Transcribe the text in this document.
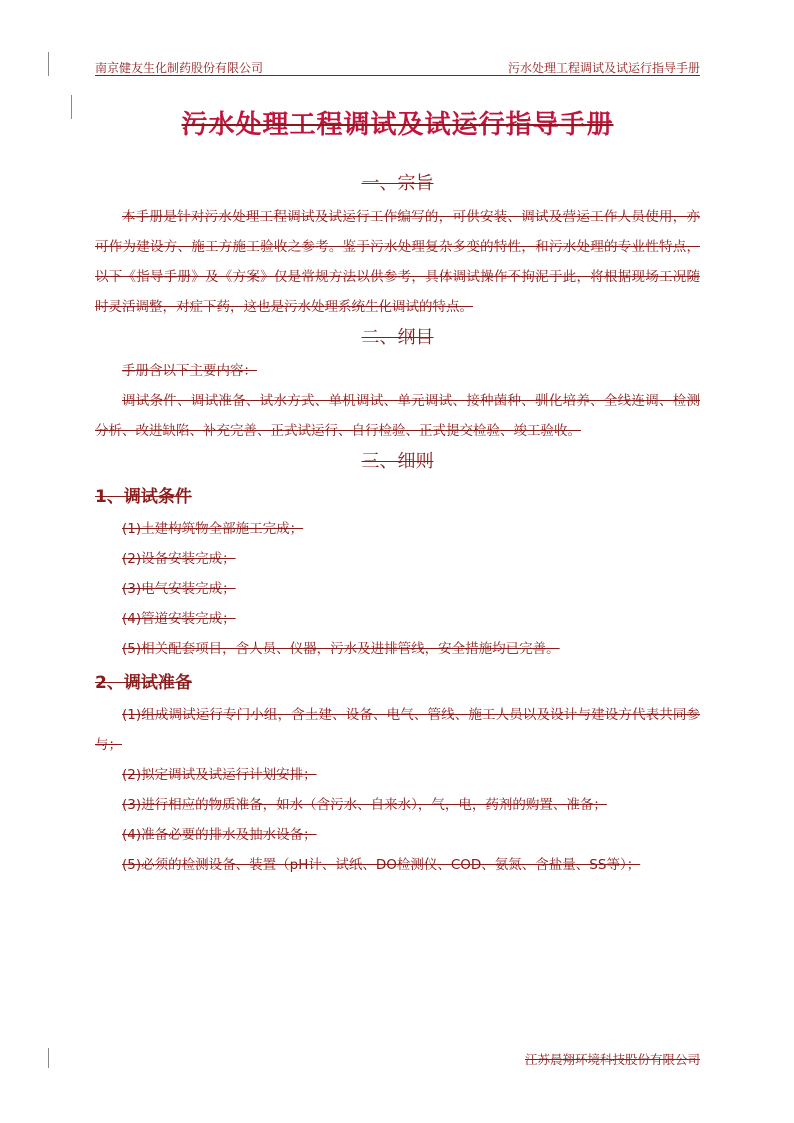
南京健友生化制药股份有限公司	污水处理工程调试及试运行指导手册
污水处理工程调试及试运行指导手册
一、宗旨

本手册是针对污水处理工程调试及试运行工作编写的，可供安装、调试及营运工作人员使用，亦可作为建设方、施工方施工验收之参考。鉴于污水处理复杂多变的特性，和污水处理的专业性特点，以下《指导手册》及《方案》仅是常规方法以供参考，具体调试操作不拘泥于此，将根据现场工况随时灵活调整，对症下药，这也是污水处理系统生化调试的特点。

二、纲目

手册含以下主要内容：

调试条件、调试准备、试水方式、单机调试、单元调试、接种菌种、驯化培养、全线连调、检测分析、改进缺陷、补充完善、正式试运行、自行检验、正式提交检验、竣工验收。

三、细则
1、调试条件

(1)土建构筑物全部施工完成；

(2)设备安装完成；

(3)电气安装完成；

(4)管道安装完成；

(5)相关配套项目，含人员、仪器，污水及进排管线，安全措施均已完善。

2、调试准备

(1)组成调试运行专门小组，含土建、设备、电气、管线、施工人员以及设计与建设方代表共同参与；

(2)拟定调试及试运行计划安排；

(3)进行相应的物质准备，如水（含污水、自来水），气，电，药剂的购置、准备；

(4)准备必要的排水及抽水设备；

(5)必须的检测设备、装置（pH计、试纸、DO检测仪、COD、氨氮、含盐量、SS等）；

江苏晨翔环境科技股份有限公司
